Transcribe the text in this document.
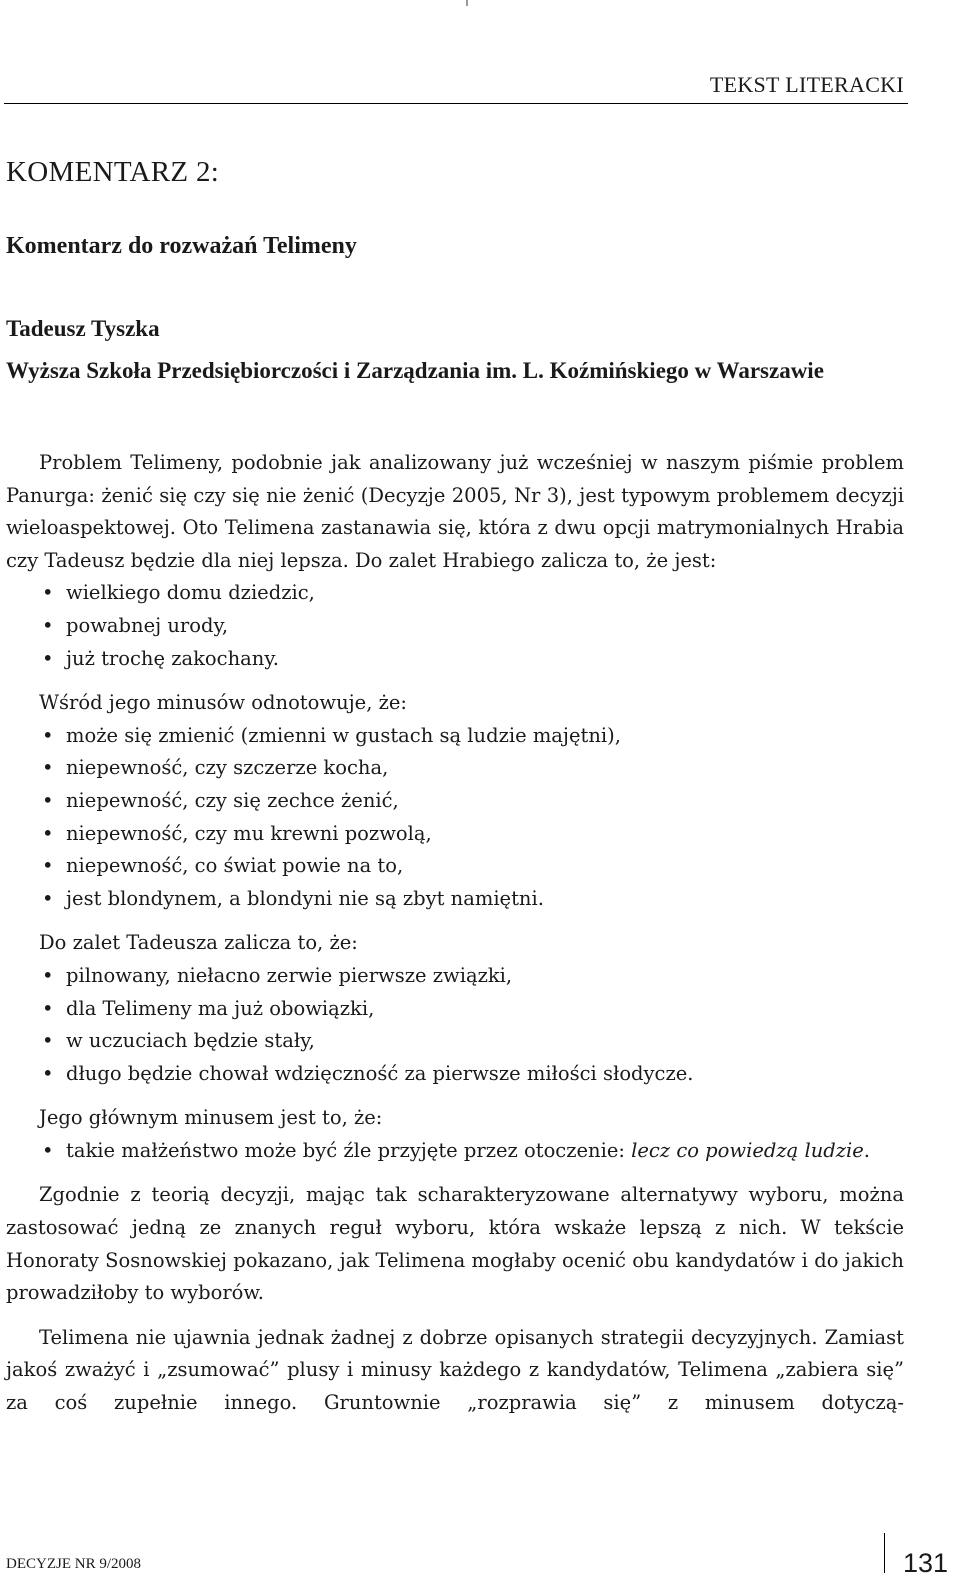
TEKST LITERACKI
KOMENTARZ 2:
Komentarz do rozważań Telimeny
Tadeusz Tyszka
Wyższa Szkoła Przedsiębiorczości i Zarządzania im. L. Koźmińskiego w Warszawie

Problem Telimeny, podobnie jak analizowany już wcześniej w naszym piśmie problem Panurga: żenić się czy się nie żenić (Decyzje 2005, Nr 3), jest typowym problemem decyzji wieloaspektowej. Oto Telimena zastanawia się, która z dwu opcji matrymonialnych Hrabia czy Tadeusz będzie dla niej lepsza. Do zalet Hrabiego zalicza to, że jest:

• wielkiego domu dziedzic,
• powabnej urody,
• już trochę zakochany.

Wśród jego minusów odnotowuje, że:

• może się zmienić (zmienni w gustach są ludzie majętni),
• niepewność, czy szczerze kocha,
• niepewność, czy się zechce żenić,
• niepewność, czy mu krewni pozwolą,
• niepewność, co świat powie na to,
• jest blondynem, a blondyni nie są zbyt namiętni.

Do zalet Tadeusza zalicza to, że:

• pilnowany, niełacno zerwie pierwsze związki,
• dla Telimeny ma już obowiązki,
• w uczuciach będzie stały,
• długo będzie chował wdzięczność za pierwsze miłości słodycze.

Jego głównym minusem jest to, że:

• takie małżeństwo może być źle przyjęte przez otoczenie: lecz co powiedzą ludzie.

Zgodnie z teorią decyzji, mając tak scharakteryzowane alternatywy wyboru, można zastosować jedną ze znanych reguł wyboru, która wskaże lepszą z nich. W tekście Honoraty Sosnowskiej pokazano, jak Telimena mogłaby ocenić obu kandydatów i do jakich prowadziłoby to wyborów.

Telimena nie ujawnia jednak żadnej z dobrze opisanych strategii decyzyjnych. Zamiast jakoś zważyć i „zsumować” plusy i minusy każdego z kandydatów, Telimena „zabiera się” za coś zupełnie innego. Gruntownie „rozprawia się” z minusem dotyczą-

DECYZJE NR 9/2008	131
